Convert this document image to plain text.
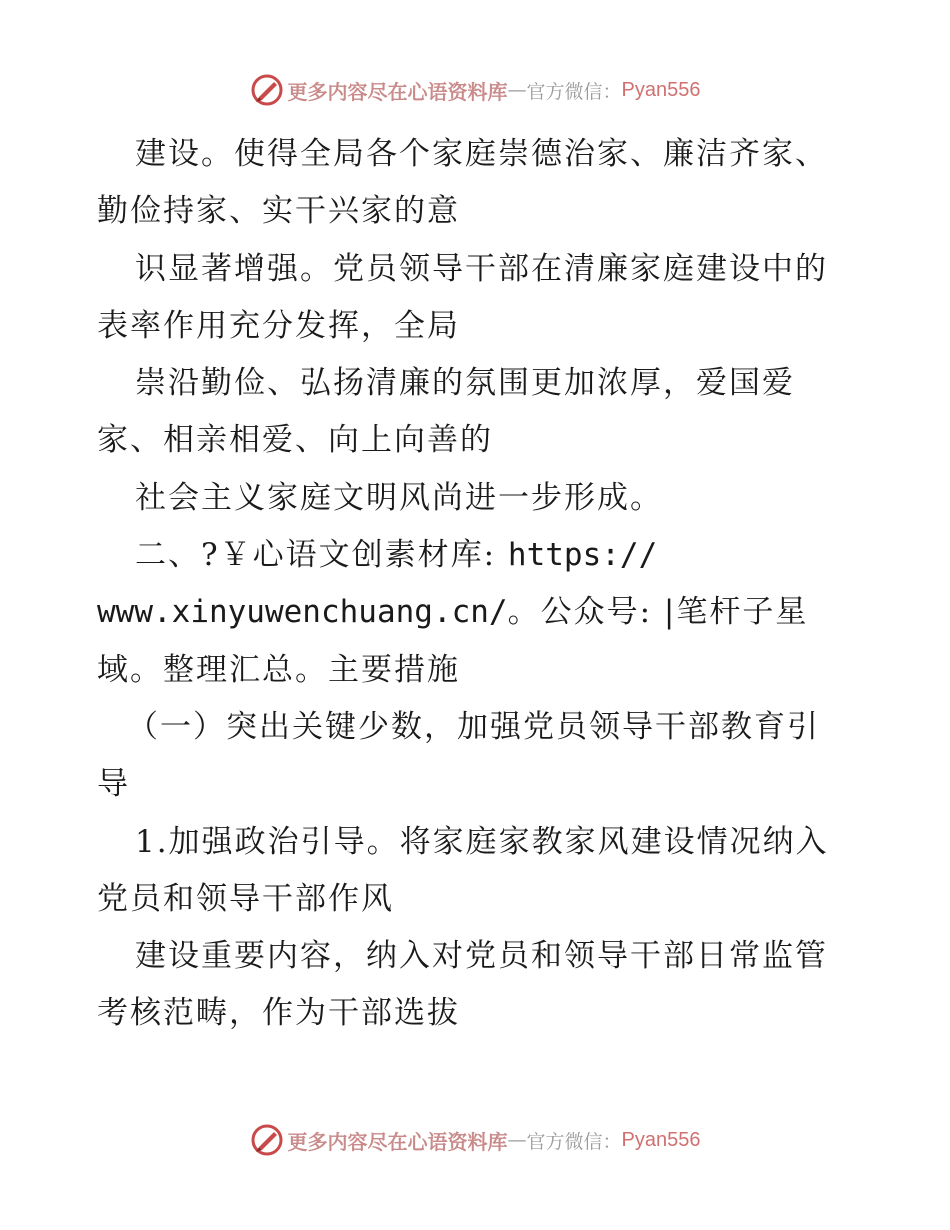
更多内容尽在心语资料库 — 官方微信： Pyan556
建设。使得全局各个家庭崇德治家、廉洁齐家、
勤俭持家、实干兴家的意
识显著增强。党员领导干部在清廉家庭建设中的
表率作用充分发挥，全局
崇沿勤俭、弘扬清廉的氛围更加浓厚，爱国爱
家、相亲相爱、向上向善的
社会主义家庭文明风尚进一步形成。
二、?￥心语文创素材库: https://
www.xinyuwenchuang.cn/。公众号: |笔杆子星
域。整理汇总。主要措施
（一）突出关键少数，加强党员领导干部教育引
导
1.加强政治引导。将家庭家教家风建设情况纳入
党员和领导干部作风
建设重要内容，纳入对党员和领导干部日常监管
考核范畴，作为干部选拔
更多内容尽在心语资料库 — 官方微信： Pyan556
